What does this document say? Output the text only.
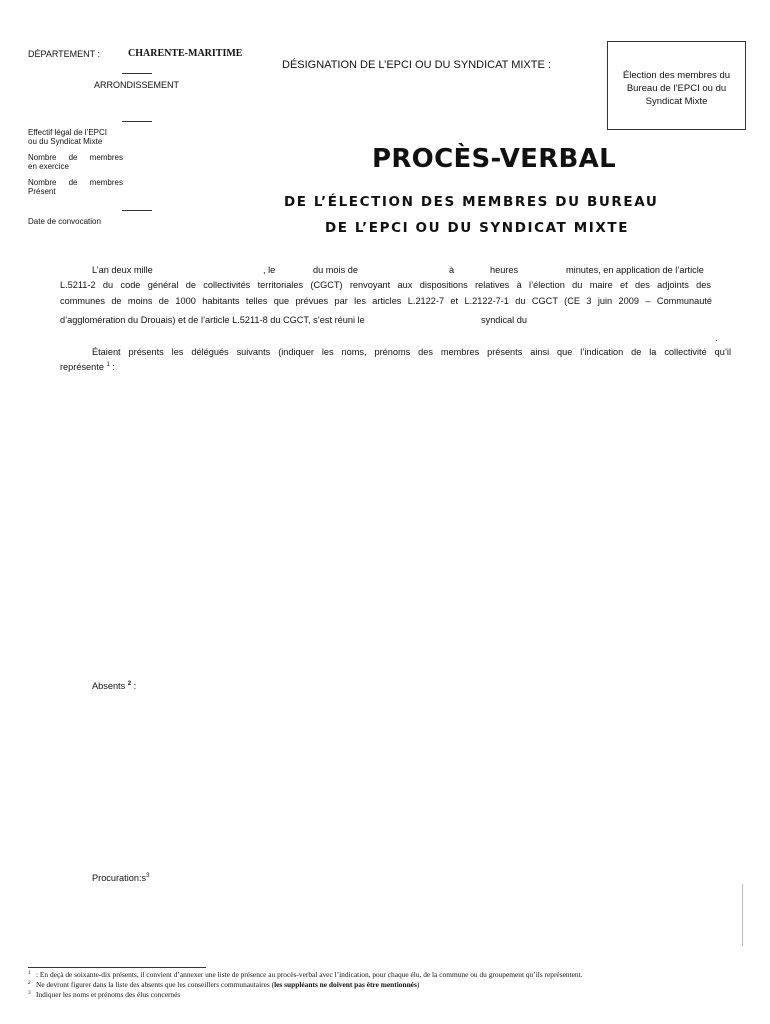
DÉPARTEMENT :	CHARENTE-MARITIME
ARRONDISSEMENT
DÉSIGNATION DE L’EPCI OU DU SYNDICAT MIXTE :
Élection des membres du Bureau de l’EPCI ou du Syndicat Mixte
Effectif légal de l’EPCI
ou du Syndicat Mixte
Nombre de membres
en exercice
Nombre de membres
Présent
Date de convocation
PROCÈS-VERBAL
DE L’ÉLECTION DES MEMBRES DU BUREAU
DE L’EPCI OU DU SYNDICAT MIXTE
L’an deux mille	, le	du mois de	à	heures	minutes, en application de l’article
L.5211-2 du code général de collectivités territoriales (CGCT) renvoyant aux dispositions relatives à l’élection du maire et des adjoints des
communes de moins de 1000 habitants telles que prévues par les articles L.2122-7 et L.2122-7-1 du CGCT (CE 3 juin 2009 – Communauté
d’agglomération du Drouais) et de l’article L.5211-8 du CGCT, s’est réuni le	syndical du
.
Étaient présents les délégués suivants (indiquer les noms, prénoms des membres présents ainsi que l’indication de la collectivité qu’il
représente $^1$ :
Absents $^2$ :
$Procuration:s^3$
1 : En deçà de soixante-dix présents, il convient d’annexer une liste de présence au procès-verbal avec l’indication, pour chaque élu, de la commune ou du groupement qu’ils représentent.
2 Ne devront figurer dans la liste des absents que les conseillers communautaires (les suppléants ne doivent pas être mentionnés)
3 Indiquer les noms et prénoms des élus concernés
